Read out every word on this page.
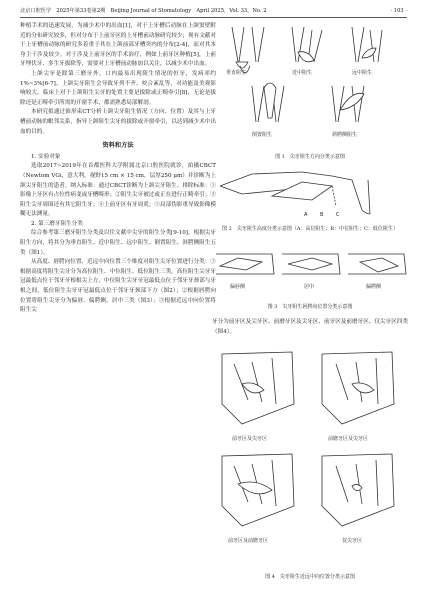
北京口腔医学　2025年第33卷第2期　Beijing Journal of Stomatology　April 2025，Vol. 33，No. 2	· 103 ·

种植手术的迅速发展，为减少术中的出血[1]，对于上牙槽后动脉在上颌窦壁附近的分布研究较多，但对分布于上前牙区的上牙槽前动脉研究较少；现有文献对于上牙槽前动脉的研究多着重于其在上颌前部牙槽突内的分布[2-4]，而对其本身主干涉及较少。对于涉及上前牙区的手术治疗，例如上前牙区种植[5]，上前牙埋伏牙、多生牙拔除等，需要对上牙槽前动脉加以关注，以减少术中出血。

上颌尖牙是除第三磨牙外，口内最易出现阻生情况的恒牙，发病率约1%~3%[6-7]。上颌尖牙阻生会导致牙列不齐、咬合紊乱等，对功能及美观影响较大。临床上对于上颌阻生尖牙的处置主要是拔除或正畸牵引[8]，无论是拔除还是正畸牵引所需的开窗手术，都需熟悉局部解剖。

本研究拟通过锥形束CT分析上颌尖牙阻生情况（方向、位置）及其与上牙槽前动脉的毗邻关系，指导上颌阻生尖牙的拔除或开窗牵引，以达到减少术中出血的目的。

资料和方法

1. 实验对象

选取2017~2019年在首都医科大学附属北京口腔医院就诊，拍摄CBCT（Newtom VGi，意大利，视野15 cm × 15 cm，层厚250 μm）并诊断为上颌尖牙阻生的患者。纳入标准：通过CBCT诊断为上颌尖牙阻生。排除标准：①影像上牙区有占位性病变或牙槽畸形；②阻生尖牙被过或正在进行正畸牵引；③阻生尖牙周围还有其它阻生牙；④上前牙区有牙周炎；⑤局部伪影重导致影像模糊无法测量。

2. 第三磨牙阻生分类

综合参考第三磨牙阻生分类及以往文献中尖牙的阻生分类[9-10]，根据尖牙阻生方向，将其分为垂直阻生、近中阻生、远中阻生、倒置阻生、斜腭侧阻生五类（图1）。

从高度、唇腭向位置、近远中向位置三个维度对阻生尖牙位置进行分类：①根据高度将阻生尖牙分为高位阻生、中位阻生、低位阻生三类。高位阻生尖牙牙冠最低点位于邻牙牙根根尖上方，中位阻生尖牙牙冠最低点位于邻牙牙颈部与牙根之间，低位阻生尖牙牙冠最低点位于邻牙牙颈部下方（图2）；②根据唇腭向位置将阻生尖牙分为偏唇、偏腭侧、居中三类（图3）；③根据近远中向位置将阻生尖

垂直阻生	近中阻生	远中阻生
倒置阻生	斜腭侧阻生
图 1　尖牙阻生方向分类示意图
A	B	C
图 2　尖牙阻生高度分类示意图（A：高位阻生；B：中位阻生；C：低位阻生）
偏唇侧	居中	偏腭侧
图 3　尖牙阻生唇腭向位置分类示意图

牙分为前牙区及尖牙区、前磨牙区及尖牙区、前牙区及前磨牙区、仅尖牙区四类（图4）。

前牙区及尖牙区	前磨牙区及尖牙区
前牙区及前磨牙区	仅尖牙区
图 4　尖牙阻生近远中向位置分类示意图
